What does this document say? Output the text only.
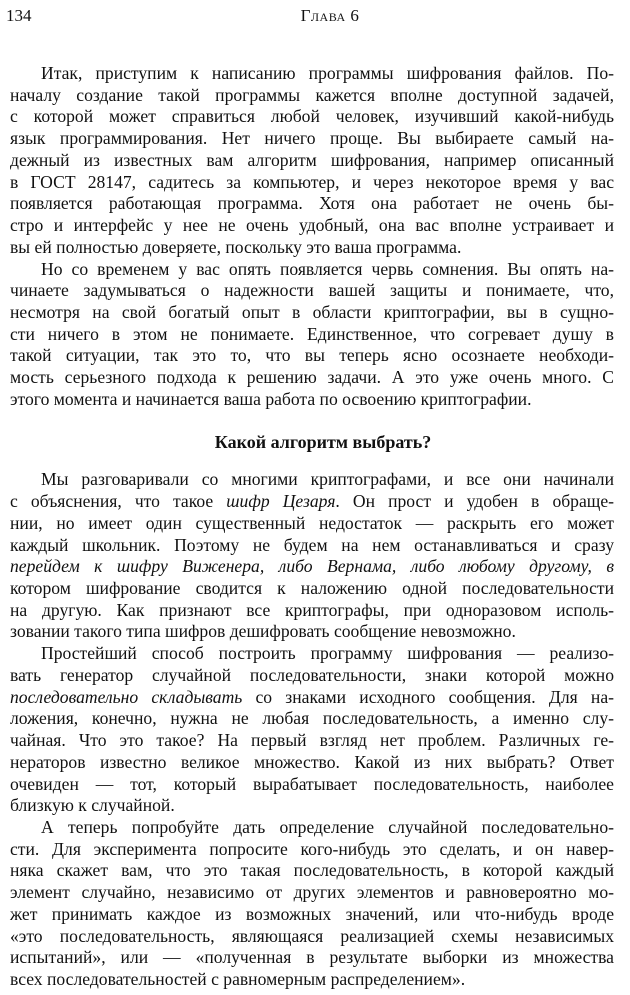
134	Глава 6
Итак, приступим к написанию программы шифрования файлов. По-
началу создание такой программы кажется вполне доступной задачей,
с которой может справиться любой человек, изучивший какой-нибудь
язык программирования. Нет ничего проще. Вы выбираете самый на-
дежный из известных вам алгоритм шифрования, например описанный
в ГОСТ 28147, садитесь за компьютер, и через некоторое время у вас
появляется работающая программа. Хотя она работает не очень бы-
стро и интерфейс у нее не очень удобный, она вас вполне устраивает и
вы ей полностью доверяете, поскольку это ваша программа.
Но со временем у вас опять появляется червь сомнения. Вы опять на-
чинаете задумываться о надежности вашей защиты и понимаете, что,
несмотря на свой богатый опыт в области криптографии, вы в сущно-
сти ничего в этом не понимаете. Единственное, что согревает душу в
такой ситуации, так это то, что вы теперь ясно осознаете необходи-
мость серьезного подхода к решению задачи. А это уже очень много. С
этого момента и начинается ваша работа по освоению криптографии.
Какой алгоритм выбрать?
Мы разговаривали со многими криптографами, и все они начинали
с объяснения, что такое шифр Цезаря. Он прост и удобен в обраще-
нии, но имеет один существенный недостаток — раскрыть его может
каждый школьник. Поэтому не будем на нем останавливаться и сразу
перейдем к шифру Виженера, либо Вернама, либо любому другому, в
котором шифрование сводится к наложению одной последовательности
на другую. Как признают все криптографы, при одноразовом исполь-
зовании такого типа шифров дешифровать сообщение невозможно.
Простейший способ построить программу шифрования — реализо-
вать генератор случайной последовательности, знаки которой можно
последовательно складывать со знаками исходного сообщения. Для на-
ложения, конечно, нужна не любая последовательность, а именно слу-
чайная. Что это такое? На первый взгляд нет проблем. Различных ге-
нераторов известно великое множество. Какой из них выбрать? Ответ
очевиден — тот, который вырабатывает последовательность, наиболее
близкую к случайной.
А теперь попробуйте дать определение случайной последовательно-
сти. Для эксперимента попросите кого-нибудь это сделать, и он навер-
няка скажет вам, что это такая последовательность, в которой каждый
элемент случайно, независимо от других элементов и равновероятно мо-
жет принимать каждое из возможных значений, или что-нибудь вроде
«это последовательность, являющаяся реализацией схемы независимых
испытаний», или — «полученная в результате выборки из множества
всех последовательностей с равномерным распределением».
